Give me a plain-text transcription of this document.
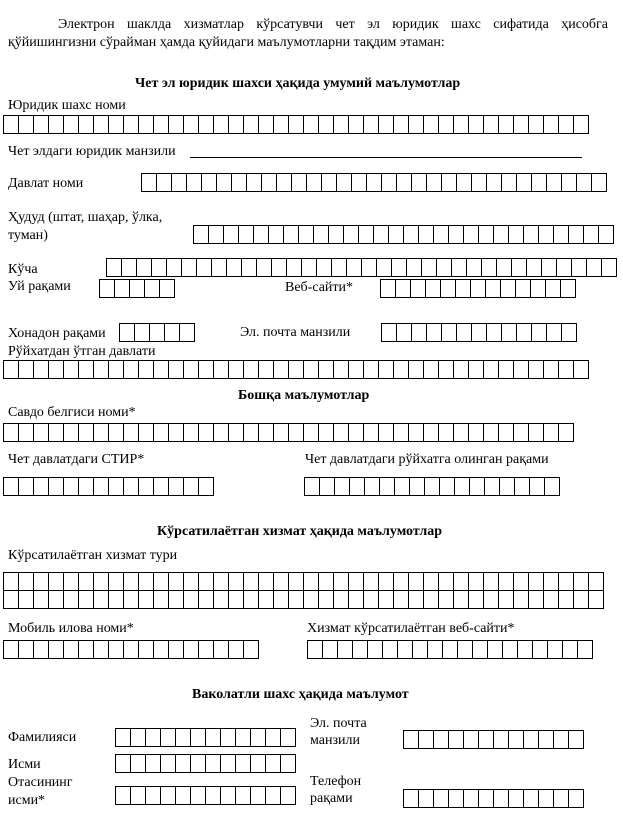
Электрон шаклда хизматлар кўрсатувчи чет эл юридик шахс сифатида ҳисобга қўйишингизни сўрайман ҳамда қуйидаги маълумотларни тақдим этаман:
Чет эл юридик шахси ҳақида умумий маълумотлар
Юридик шахс номи
Чет элдаги юридик манзили
Давлат номи
Ҳудуд (штат, шаҳар, ўлка,
туман)
Кўча
Уй рақами	Веб-сайти*
Хонадон рақами	Эл. почта манзили
Рўйхатдан ўтган давлати
Бошқа маълумотлар
Савдо белгиси номи*
Чет давлатдаги СТИР*	Чет давлатдаги рўйхатга олинган рақами
Кўрсатилаётган хизмат ҳақида маълумотлар
Кўрсатилаётган хизмат тури
Мобиль илова номи*	Хизмат кўрсатилаётган веб-сайти*
Ваколатли шахс ҳақида маълумот
Фамилияси
Исми
Отасининг
исми*
Эл. почта
манзили
Телефон
рақами
